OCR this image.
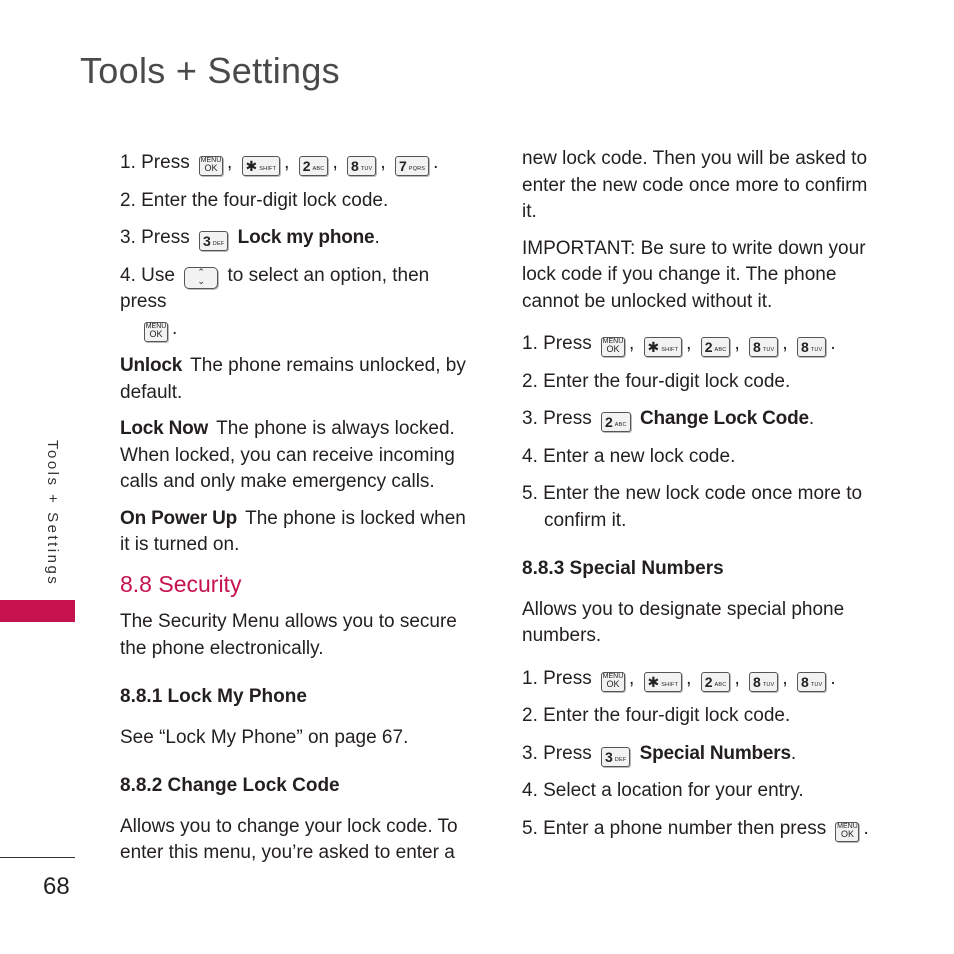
Tools + Settings
Tools + Settings
68
1. Press MENU
OK , ✱ SHIFT , 2 ABC , 8 TUV , 7 PQRS .
2. Enter the four-digit lock code.
3. Press 3 DEF Lock my phone.
4. Use	⌃
⌄ to select an option, then press

MENU
OK .
Unlock The phone remains unlocked, by default.
Lock Now The phone is always locked. When locked, you can receive incoming calls and only make emergency calls.
On Power Up The phone is locked when it is turned on.
8.8 Security
The Security Menu allows you to secure the phone electronically.
8.8.1 Lock My Phone
See “Lock My Phone” on page 67.
8.8.2 Change Lock Code
Allows you to change your lock code. To enter this menu, you’re asked to enter a
new lock code. Then you will be asked to enter the new code once more to confirm it.
IMPORTANT: Be sure to write down your lock code if you change it. The phone cannot be unlocked without it.
1. Press MENU
OK , ✱ SHIFT , 2 ABC , 8 TUV , 8 TUV .
2. Enter the four-digit lock code.
3. Press 2 ABC Change Lock Code.
4. Enter a new lock code.
5. Enter the new lock code once more to confirm it.
8.8.3 Special Numbers
Allows you to designate special phone numbers.
1. Press MENU
OK , ✱ SHIFT , 2 ABC , 8 TUV , 8 TUV .
2. Enter the four-digit lock code.
3. Press 3 DEF Special Numbers.
4. Select a location for your entry.
5. Enter a phone number then press MENU
OK .
